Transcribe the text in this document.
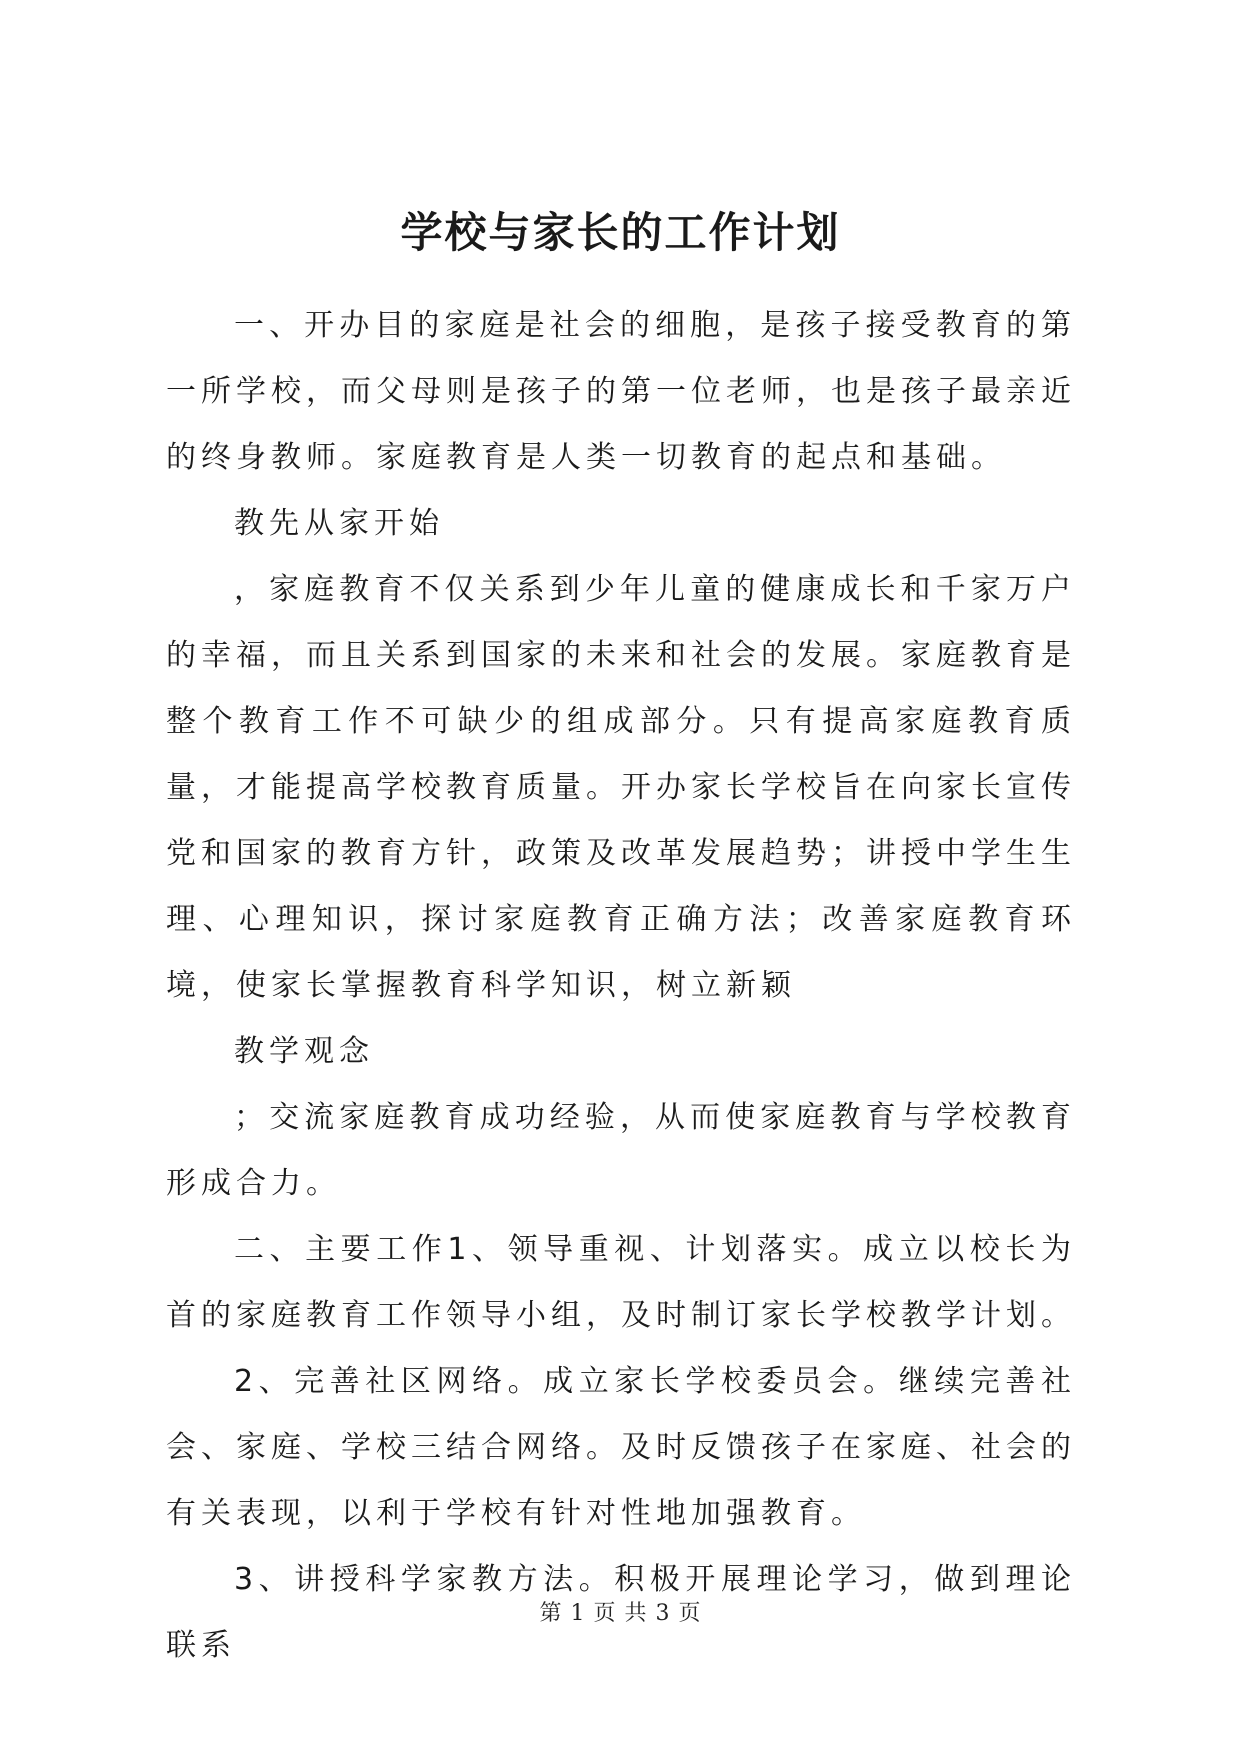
学校与家长的工作计划

一、开办目的家庭是社会的细胞，是孩子接受教育的第一所学校，而父母则是孩子的第一位老师，也是孩子最亲近的终身教师。家庭教育是人类一切教育的起点和基础。

教先从家开始

，家庭教育不仅关系到少年儿童的健康成长和千家万户的幸福，而且关系到国家的未来和社会的发展。家庭教育是整个教育工作不可缺少的组成部分。只有提高家庭教育质量，才能提高学校教育质量。开办家长学校旨在向家长宣传党和国家的教育方针，政策及改革发展趋势；讲授中学生生理、心理知识，探讨家庭教育正确方法；改善家庭教育环境，使家长掌握教育科学知识，树立新颖

教学观念

；交流家庭教育成功经验，从而使家庭教育与学校教育形成合力。

二、主要工作1、领导重视、计划落实。成立以校长为首的家庭教育工作领导小组，及时制订家长学校教学计划。

2、完善社区网络。成立家长学校委员会。继续完善社会、家庭、学校三结合网络。及时反馈孩子在家庭、社会的有关表现，以利于学校有针对性地加强教育。

3、讲授科学家教方法。积极开展理论学习，做到理论联系

第 1 页 共 3 页
